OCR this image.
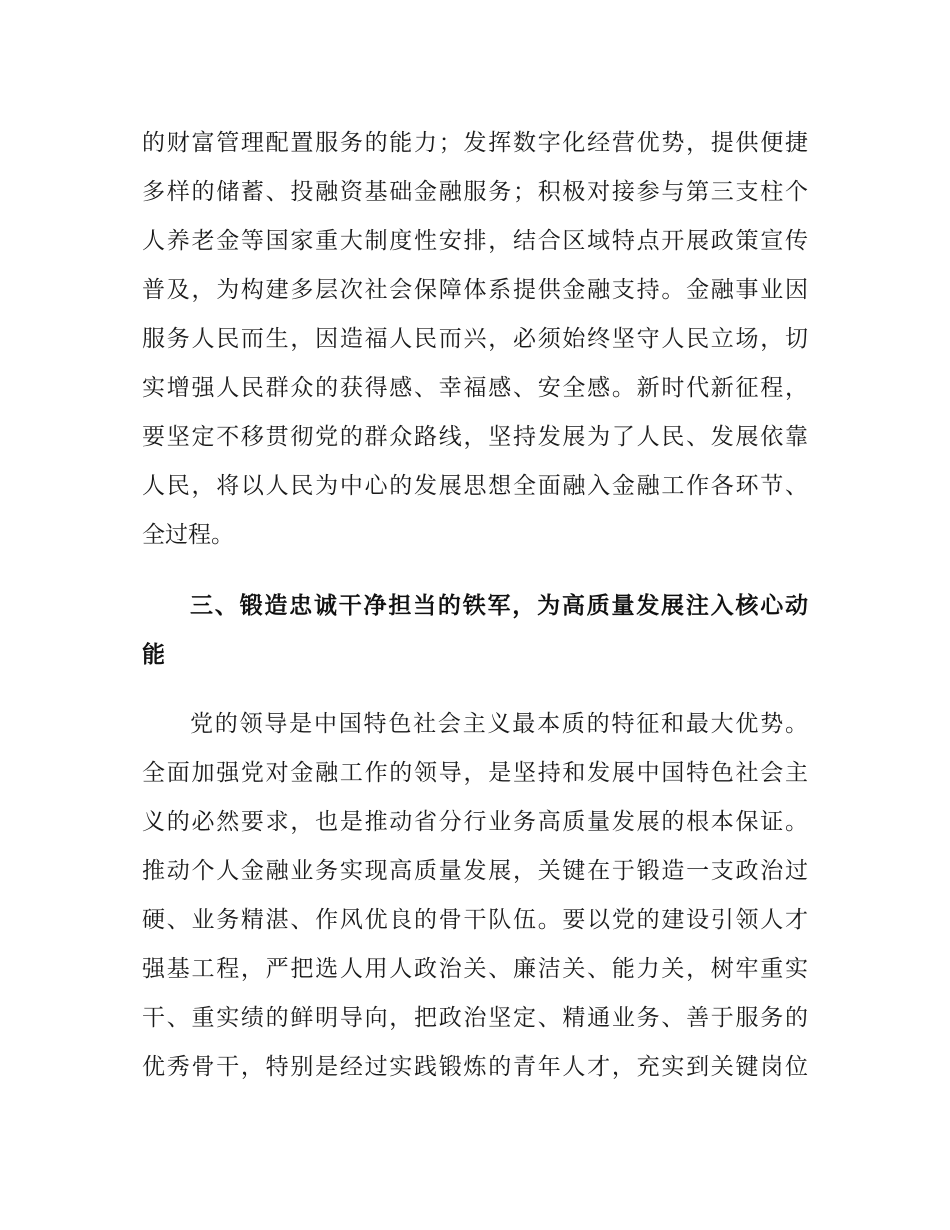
的财富管理配置服务的能力；发挥数字化经营优势，提供便捷
多样的储蓄、投融资基础金融服务；积极对接参与第三支柱个
人养老金等国家重大制度性安排，结合区域特点开展政策宣传
普及，为构建多层次社会保障体系提供金融支持。金融事业因
服务人民而生，因造福人民而兴，必须始终坚守人民立场，切
实增强人民群众的获得感、幸福感、安全感。新时代新征程，
要坚定不移贯彻党的群众路线，坚持发展为了人民、发展依靠
人民，将以人民为中心的发展思想全面融入金融工作各环节、
全过程。
三、锻造忠诚干净担当的铁军，为高质量发展注入核心动
能
党的领导是中国特色社会主义最本质的特征和最大优势。
全面加强党对金融工作的领导，是坚持和发展中国特色社会主
义的必然要求，也是推动省分行业务高质量发展的根本保证。
推动个人金融业务实现高质量发展，关键在于锻造一支政治过
硬、业务精湛、作风优良的骨干队伍。要以党的建设引领人才
强基工程，严把选人用人政治关、廉洁关、能力关，树牢重实
干、重实绩的鲜明导向，把政治坚定、精通业务、善于服务的
优秀骨干，特别是经过实践锻炼的青年人才，充实到关键岗位
